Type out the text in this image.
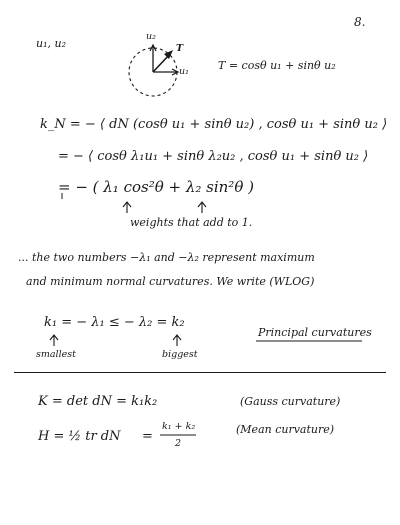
8.
u₁, u₂
u₂
T
u₁	T = cosθ u₁ + sinθ u₂
k_N = − ⟨ dN (cosθ u₁ + sinθ u₂) , cosθ u₁ + sinθ u₂ ⟩
= − ⟨ cosθ λ₁u₁ + sinθ λ₂u₂ , cosθ u₁ + sinθ u₂ ⟩
= − ( λ₁ cos²θ + λ₂ sin²θ )
weights that add to 1.
... the two numbers −λ₁ and −λ₂ represent maximum
and minimum normal curvatures. We write (WLOG)
k₁ = − λ₁ ≤ − λ₂ = k₂
smallest	biggest
Principal curvatures
K = det dN = k₁k₂	(Gauss curvature)
H = ½ tr dN =
k₁ + k₂
2
(Mean curvature)
